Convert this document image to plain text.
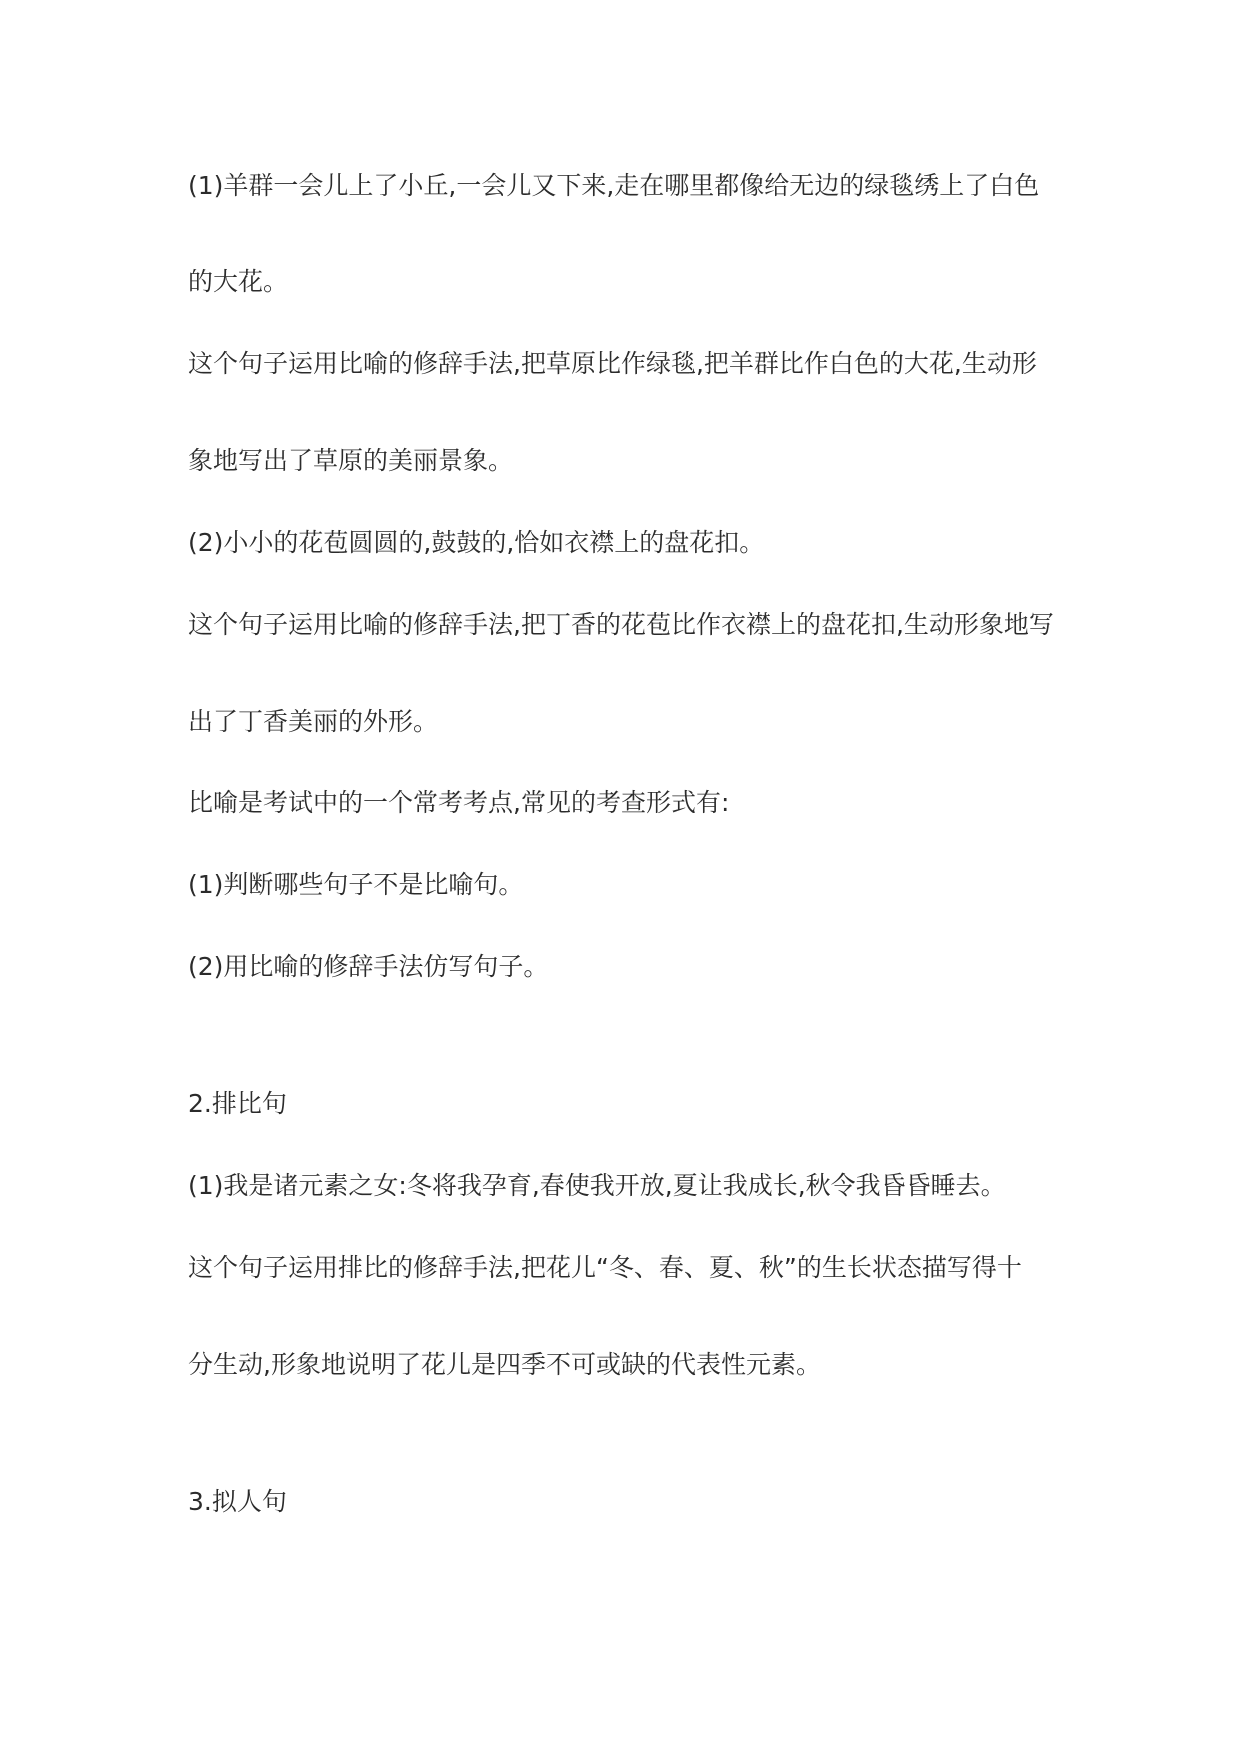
(1)羊群一会儿上了小丘,一会儿又下来,走在哪里都像给无边的绿毯绣上了白色
的大花。
这个句子运用比喻的修辞手法,把草原比作绿毯,把羊群比作白色的大花,生动形
象地写出了草原的美丽景象。
(2)小小的花苞圆圆的,鼓鼓的,恰如衣襟上的盘花扣。
这个句子运用比喻的修辞手法,把丁香的花苞比作衣襟上的盘花扣,生动形象地写
出了丁香美丽的外形。
比喻是考试中的一个常考考点,常见的考查形式有:
(1)判断哪些句子不是比喻句。
(2)用比喻的修辞手法仿写句子。
2.排比句
(1)我是诸元素之女:冬将我孕育,春使我开放,夏让我成长,秋令我昏昏睡去。
这个句子运用排比的修辞手法,把花儿“冬、春、夏、秋”的生长状态描写得十
分生动,形象地说明了花儿是四季不可或缺的代表性元素。
3.拟人句
